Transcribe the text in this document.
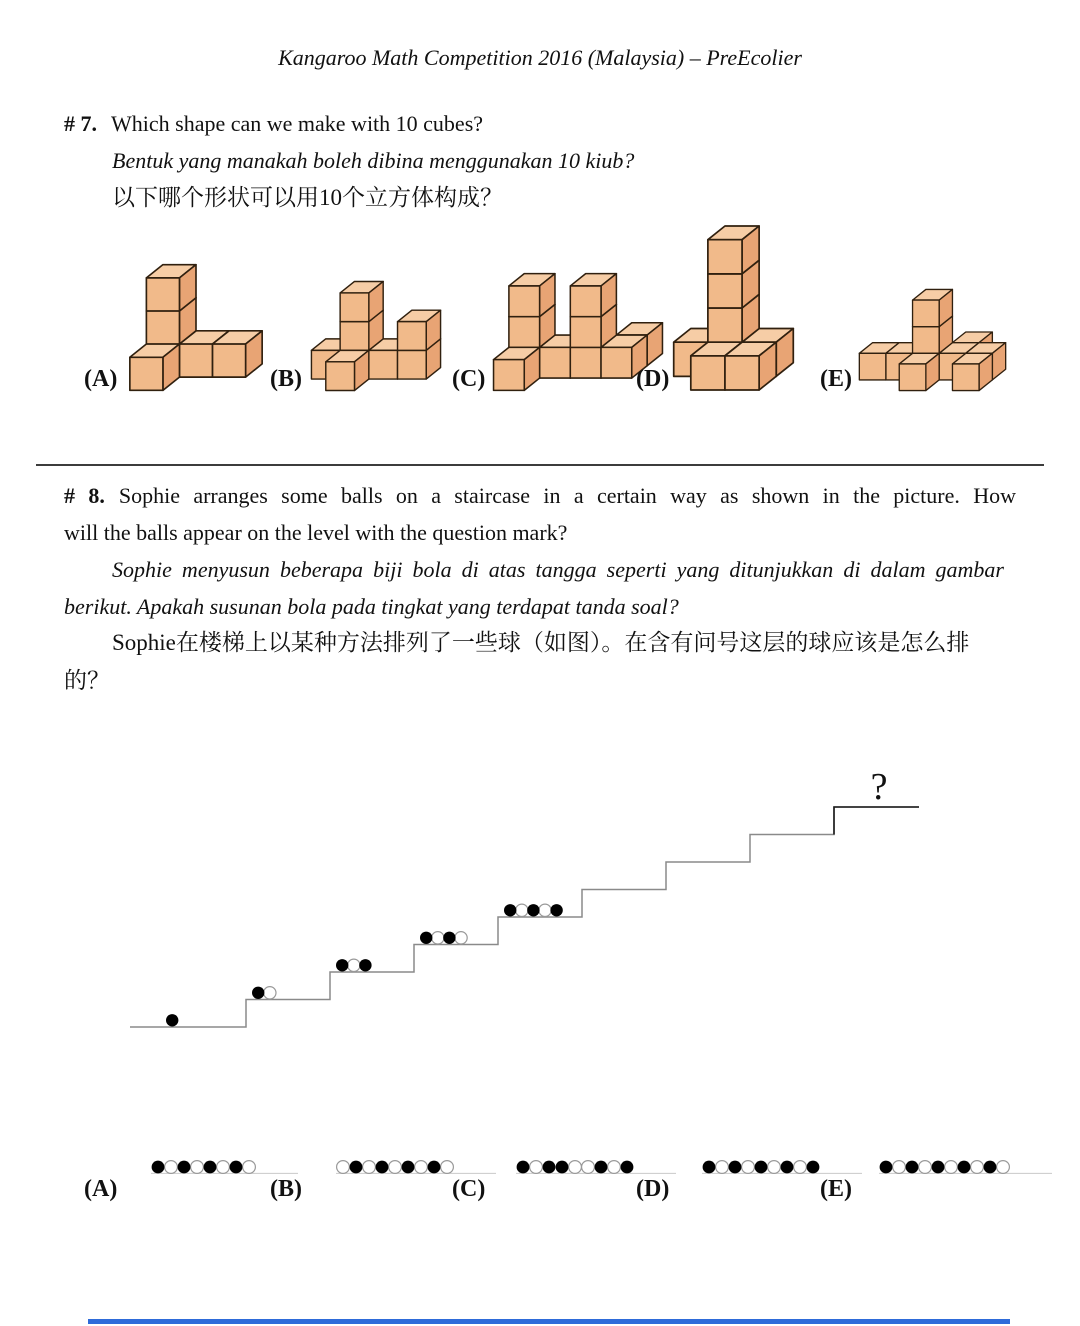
Kangaroo Math Competition 2016 (Malaysia) – PreEcolier
# 7. Which shape can we make with 10 cubes?
Bentuk yang manakah boleh dibina menggunakan 10 kiub?
以下哪个形状可以用10个立方体构成？
(A)	(B)	(C)	(D)	(E)
# 8. Sophie arranges some balls on a staircase in a certain way as shown in the picture. How
will the balls appear on the level with the question mark?
Sophie menyusun beberapa biji bola di atas tangga seperti yang ditunjukkan di dalam gambar
berikut. Apakah susunan bola pada tingkat yang terdapat tanda soal?
Sophie在楼梯上以某种方法排列了一些球（如图）。在含有问号这层的球应该是怎么排
的？
?
(A)	(B)	(C)	(D)	(E)
